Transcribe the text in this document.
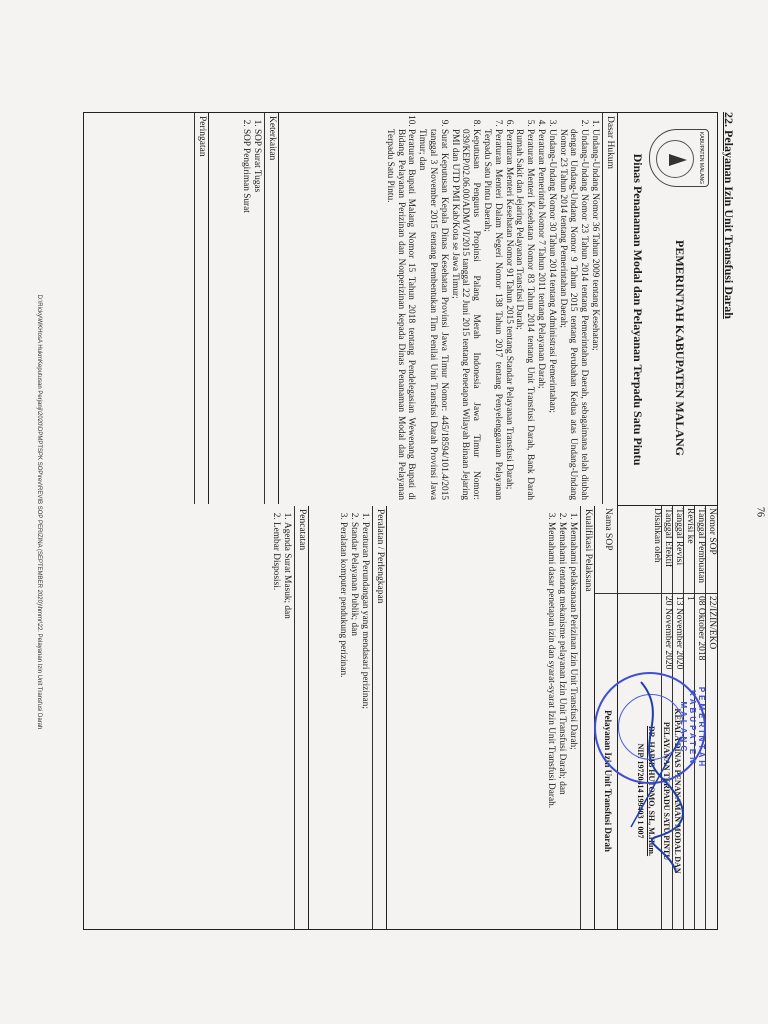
76
D:\Ricky\WKHosA HukmKeputusan Perjanji\2020\DPMPTSPK SOP\rev\REVIB SOP PERIZINA (SEPTEMBER 2020)\hmmr\22. Pelayanan Izin Unit Transfusi Darah
22. Pelayanan Izin Unit Transfusi Darah
KABUPATEN MALANG
PEMERINTAH KABUPATEN MALANG
Dinas Penanaman Modal dan Pelayanan Terpadu Satu Pintu
Nomor SOP
22/IZIN/EKO
Tanggal Pembuatan
08 Oktober 2018
Revisi ke
1
Tanggal Revisi
13 November 2020
Tanggal Efektif
20 November 2020
Disahkan oleh
KEPALA DINAS PENANAMAN MODAL DAN
PELAYANAN TERPADU SATU PINTU
DR. HABIB HUTOMO, SH., M.Hum.
NIP. 19720414 199403 1 007
Nama SOP
Pelayanan Izin Unit Transfusi Darah
Dasar Hukum
1. Undang-Undang Nomor 36 Tahun 2009 tentang Kesehatan;
2. Undang-Undang Nomor 23 Tahun 2014 tentang Pemerintahan Daerah, sebagaimana telah diubah dengan Undang-Undang Nomor 9 Tahun 2015 tentang Perubahan Kedua atas Undang-Undang Nomor 23 Tahun 2014 tentang Pemerintahan Daerah;
3. Undang-Undang Nomor 30 Tahun 2014 tentang Administrasi Pemerintahan;
4. Peraturan Pemerintah Nomor 7 Tahun 2011 tentang Pelayanan Darah;
5. Peraturan Menteri Kesehatan Nomor 83 Tahun 2014 tentang Unit Transfusi Darah, Bank Darah Rumah Sakit dan Jejaring Pelayanan Transfusi Darah;
6. Peraturan Menteri Kesehatan Nomor 91 Tahun 2015 tentang Standar Pelayanan Transfusi Darah;
7. Peraturan Menteri Dalam Negeri Nomor 138 Tahun 2017 tentang Penyelenggaraan Pelayanan Terpadu Satu Pintu Daerah;
8. Keputusan Pengurus Propinsi Palang Merah Indonesia Jawa Timur Nomor: 039/KEP/02.06.00/ADM/VI/2015 tanggal 22 Juni 2015 tentang Penetapan Wilayah Binaan Jejaring PMI dan UTD PMI Kab/Kota se Jawa Timur;
9. Surat Keputusan Kepala Dinas Kesehatan Provinsi Jawa Timur Nomor: 445/18594/101.4/2015 tanggal 3 November 2015 tentang Pembentukan Tim Penilai Unit Transfusi Darah Provinsi Jawa Timur; dan
10. Peraturan Bupati Malang Nomor 15 Tahun 2018 tentang Pendelegasian Wewenang Bupati di Bidang Pelayanan Perizinan dan Nonperizinan kepada Dinas Penanaman Modal dan Pelayanan Terpadu Satu Pintu.
Keterkaitan
1. SOP Surat Tugas
2. SOP Pengiriman Surat
Peringatan
Kualifikasi Pelaksana
1. Memahami pelaksanaan Perizinan Izin Unit Transfusi Darah;
2. Memahami tentang mekanisme pelayanan Izin Unit Transfusi Darah; dan
3. Memahami dasar penetapan izin dan syarat-syarat Izin Unit Transfusi Darah.
Peralatan / Perlengkapan
1. Peraturan Perundangan yang mendasari perizinan;
2. Standar Pelayanan Publik; dan
3. Peralatan komputer pendukung perizinan.
Pencatatan
1. Agenda Surat Masuk; dan
2. Lembar Disposisi.
PEMERINTAH KABUPATEN MALANG
